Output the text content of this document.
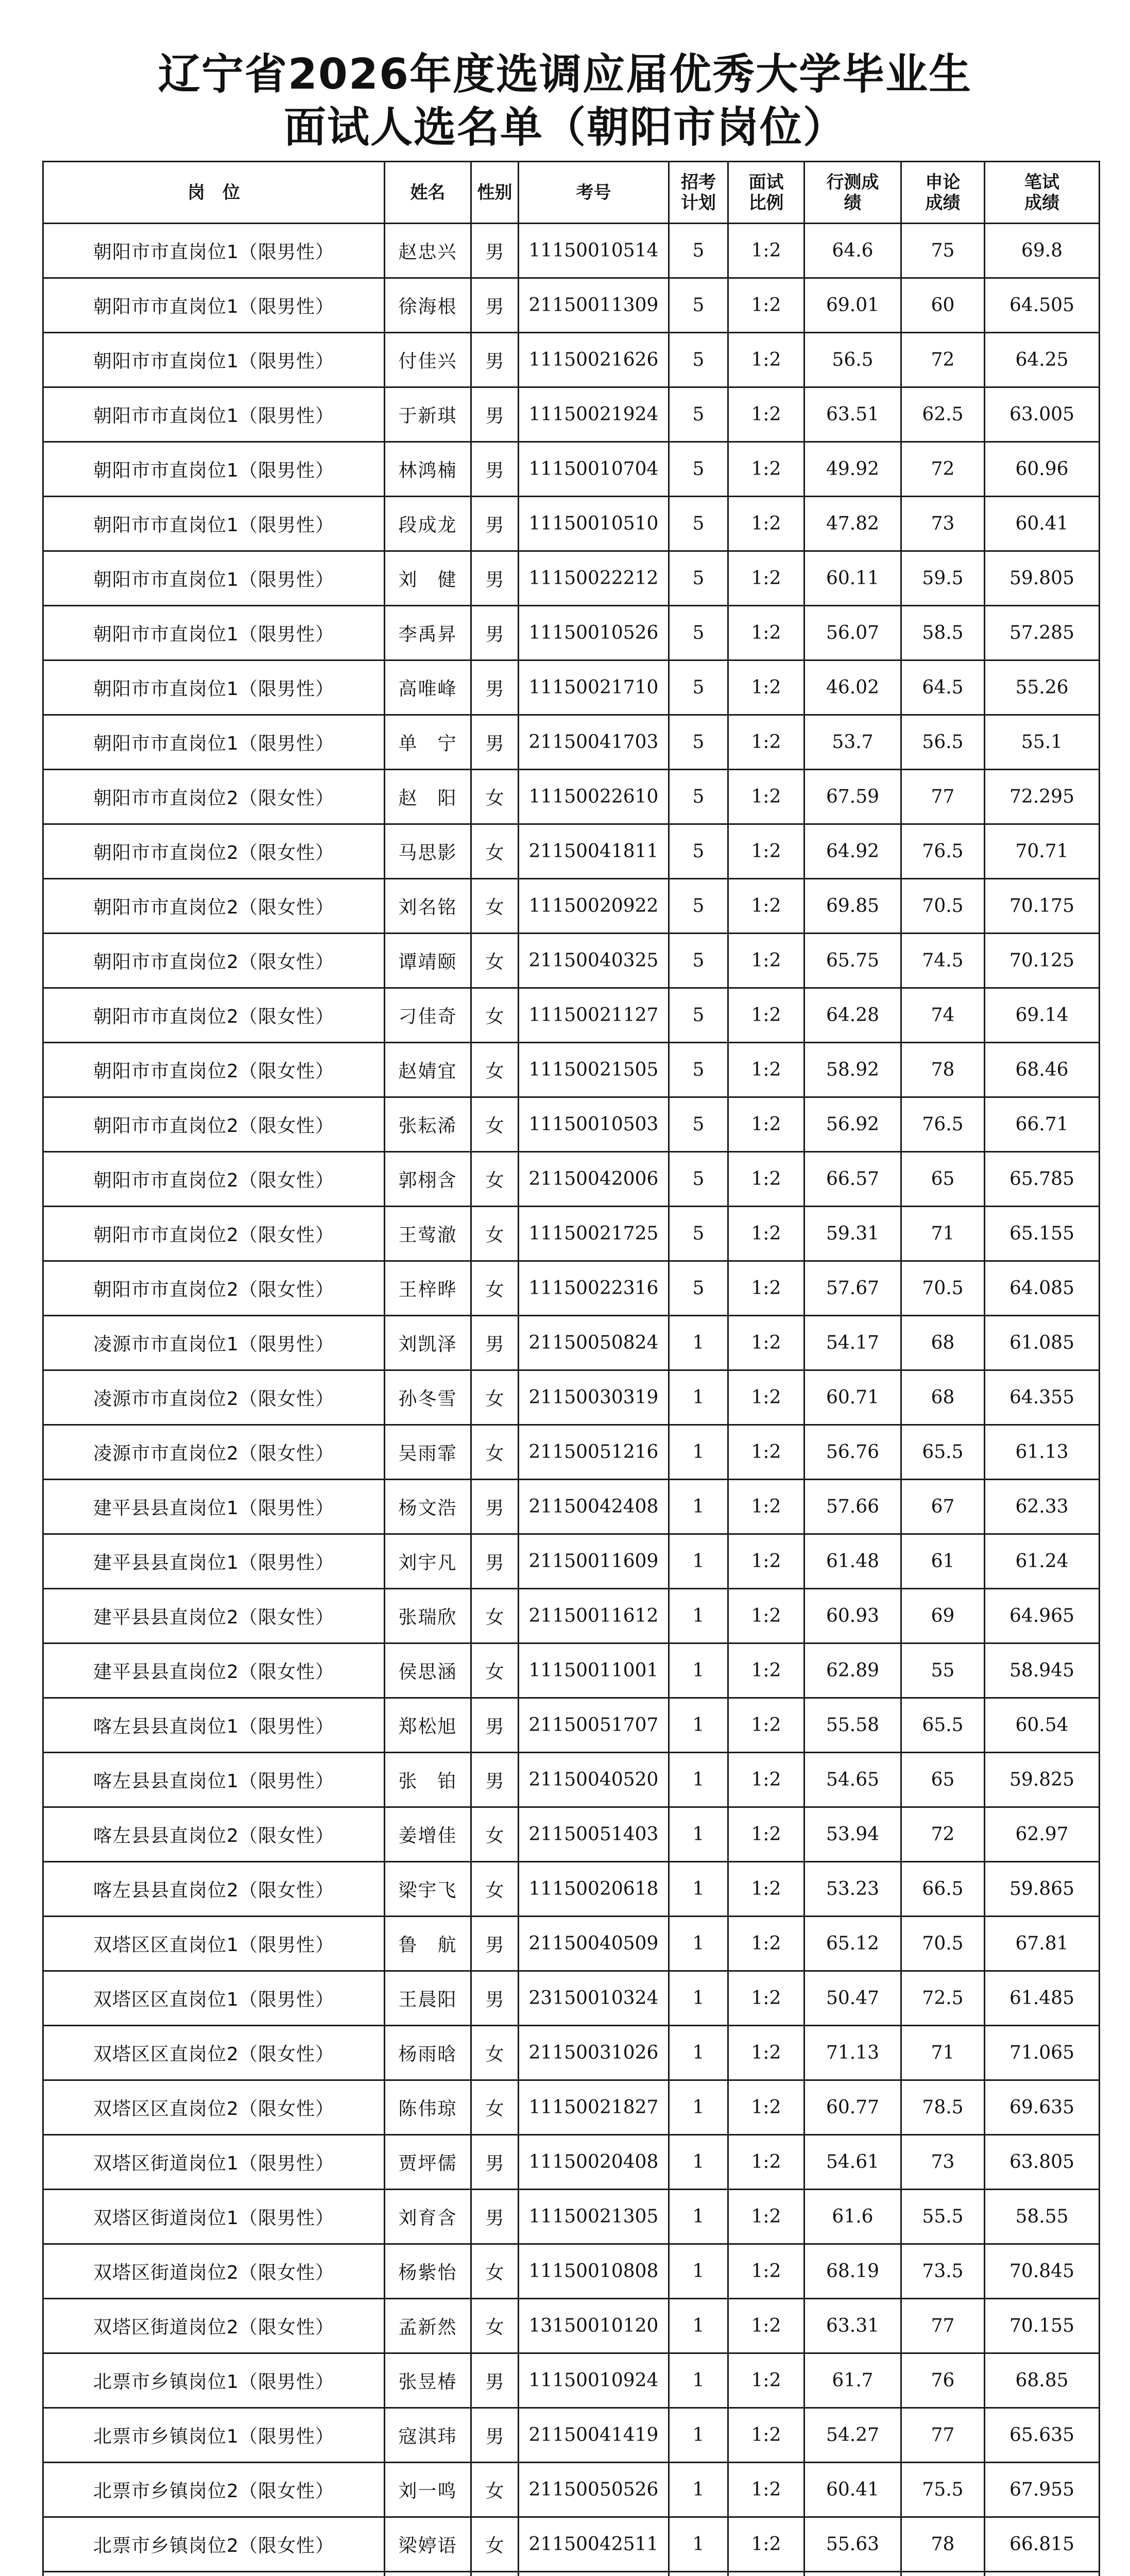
辽宁省2026年度选调应届优秀大学毕业生
面试人选名单（朝阳市岗位）
岗　位	姓名	性别	考号	招考计划	面试比例	行测成绩	申论成绩	笔试成绩
朝阳市市直岗位1（限男性）	赵忠兴	男	11150010514	5	1:2	64.6	75	69.8
朝阳市市直岗位1（限男性）	徐海根	男	21150011309	5	1:2	69.01	60	64.505
朝阳市市直岗位1（限男性）	付佳兴	男	11150021626	5	1:2	56.5	72	64.25
朝阳市市直岗位1（限男性）	于新琪	男	11150021924	5	1:2	63.51	62.5	63.005
朝阳市市直岗位1（限男性）	林鸿楠	男	11150010704	5	1:2	49.92	72	60.96
朝阳市市直岗位1（限男性）	段成龙	男	11150010510	5	1:2	47.82	73	60.41
朝阳市市直岗位1（限男性）	刘　健	男	11150022212	5	1:2	60.11	59.5	59.805
朝阳市市直岗位1（限男性）	李禹昇	男	11150010526	5	1:2	56.07	58.5	57.285
朝阳市市直岗位1（限男性）	高唯峰	男	11150021710	5	1:2	46.02	64.5	55.26
朝阳市市直岗位1（限男性）	单　宁	男	21150041703	5	1:2	53.7	56.5	55.1
朝阳市市直岗位2（限女性）	赵　阳	女	11150022610	5	1:2	67.59	77	72.295
朝阳市市直岗位2（限女性）	马思影	女	21150041811	5	1:2	64.92	76.5	70.71
朝阳市市直岗位2（限女性）	刘名铭	女	11150020922	5	1:2	69.85	70.5	70.175
朝阳市市直岗位2（限女性）	谭靖颐	女	21150040325	5	1:2	65.75	74.5	70.125
朝阳市市直岗位2（限女性）	刁佳奇	女	11150021127	5	1:2	64.28	74	69.14
朝阳市市直岗位2（限女性）	赵婧宜	女	11150021505	5	1:2	58.92	78	68.46
朝阳市市直岗位2（限女性）	张耘浠	女	11150010503	5	1:2	56.92	76.5	66.71
朝阳市市直岗位2（限女性）	郭栩含	女	21150042006	5	1:2	66.57	65	65.785
朝阳市市直岗位2（限女性）	王莺澈	女	11150021725	5	1:2	59.31	71	65.155
朝阳市市直岗位2（限女性）	王梓晔	女	11150022316	5	1:2	57.67	70.5	64.085
凌源市市直岗位1（限男性）	刘凯泽	男	21150050824	1	1:2	54.17	68	61.085
凌源市市直岗位2（限女性）	孙冬雪	女	21150030319	1	1:2	60.71	68	64.355
凌源市市直岗位2（限女性）	吴雨霏	女	21150051216	1	1:2	56.76	65.5	61.13
建平县县直岗位1（限男性）	杨文浩	男	21150042408	1	1:2	57.66	67	62.33
建平县县直岗位1（限男性）	刘宇凡	男	21150011609	1	1:2	61.48	61	61.24
建平县县直岗位2（限女性）	张瑞欣	女	21150011612	1	1:2	60.93	69	64.965
建平县县直岗位2（限女性）	侯思涵	女	11150011001	1	1:2	62.89	55	58.945
喀左县县直岗位1（限男性）	郑松旭	男	21150051707	1	1:2	55.58	65.5	60.54
喀左县县直岗位1（限男性）	张　铂	男	21150040520	1	1:2	54.65	65	59.825
喀左县县直岗位2（限女性）	姜增佳	女	21150051403	1	1:2	53.94	72	62.97
喀左县县直岗位2（限女性）	梁宇飞	女	11150020618	1	1:2	53.23	66.5	59.865
双塔区区直岗位1（限男性）	鲁　航	男	21150040509	1	1:2	65.12	70.5	67.81
双塔区区直岗位1（限男性）	王晨阳	男	23150010324	1	1:2	50.47	72.5	61.485
双塔区区直岗位2（限女性）	杨雨晗	女	21150031026	1	1:2	71.13	71	71.065
双塔区区直岗位2（限女性）	陈伟琼	女	11150021827	1	1:2	60.77	78.5	69.635
双塔区街道岗位1（限男性）	贾坪儒	男	11150020408	1	1:2	54.61	73	63.805
双塔区街道岗位1（限男性）	刘育含	男	11150021305	1	1:2	61.6	55.5	58.55
双塔区街道岗位2（限女性）	杨紫怡	女	11150010808	1	1:2	68.19	73.5	70.845
双塔区街道岗位2（限女性）	孟新然	女	13150010120	1	1:2	63.31	77	70.155
北票市乡镇岗位1（限男性）	张昱椿	男	11150010924	1	1:2	61.7	76	68.85
北票市乡镇岗位1（限男性）	寇淇玮	男	21150041419	1	1:2	54.27	77	65.635
北票市乡镇岗位2（限女性）	刘一鸣	女	21150050526	1	1:2	60.41	75.5	67.955
北票市乡镇岗位2（限女性）	梁婷语	女	21150042511	1	1:2	55.63	78	66.815
